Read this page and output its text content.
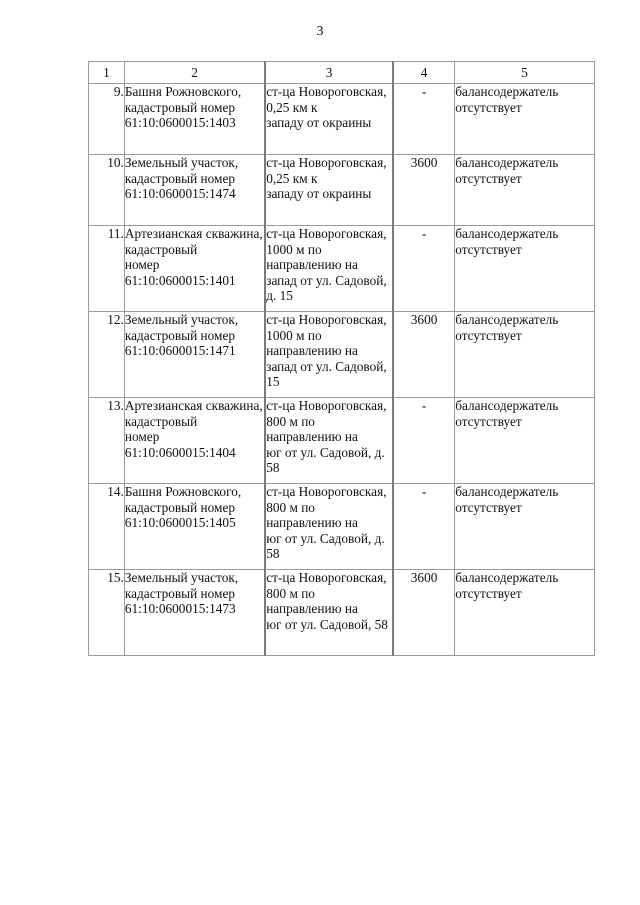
3
1	2	3	4	5
9.	Башня Рожновского,
кадастровый номер
61:10:0600015:1403	ст-ца Новороговская, 0,25 км к
западу от окраины	-	балансодержатель
отсутствует
10.	Земельный участок,
кадастровый номер
61:10:0600015:1474	ст-ца Новороговская, 0,25 км к
западу от окраины	3600	балансодержатель
отсутствует
11.	Артезианская скважина, кадастровый
номер
61:10:0600015:1401	ст-ца Новороговская, 1000 м по
направлению на
запад от ул. Садовой, д. 15	-	балансодержатель
отсутствует
12.	Земельный участок,
кадастровый номер
61:10:0600015:1471	ст-ца Новороговская, 1000 м по
направлению на
запад от ул. Садовой, 15	3600	балансодержатель
отсутствует
13.	Артезианская скважина, кадастровый
номер
61:10:0600015:1404	ст-ца Новороговская, 800 м по
направлению на
юг от ул. Садовой, д. 58	-	балансодержатель
отсутствует
14.	Башня Рожновского,
кадастровый номер
61:10:0600015:1405	ст-ца Новороговская, 800 м по
направлению на
юг от ул. Садовой, д. 58	-	балансодержатель
отсутствует
15.	Земельный участок,
кадастровый номер
61:10:0600015:1473	ст-ца Новороговская, 800 м по
направлению на
юг от ул. Садовой, 58	3600	балансодержатель
отсутствует
